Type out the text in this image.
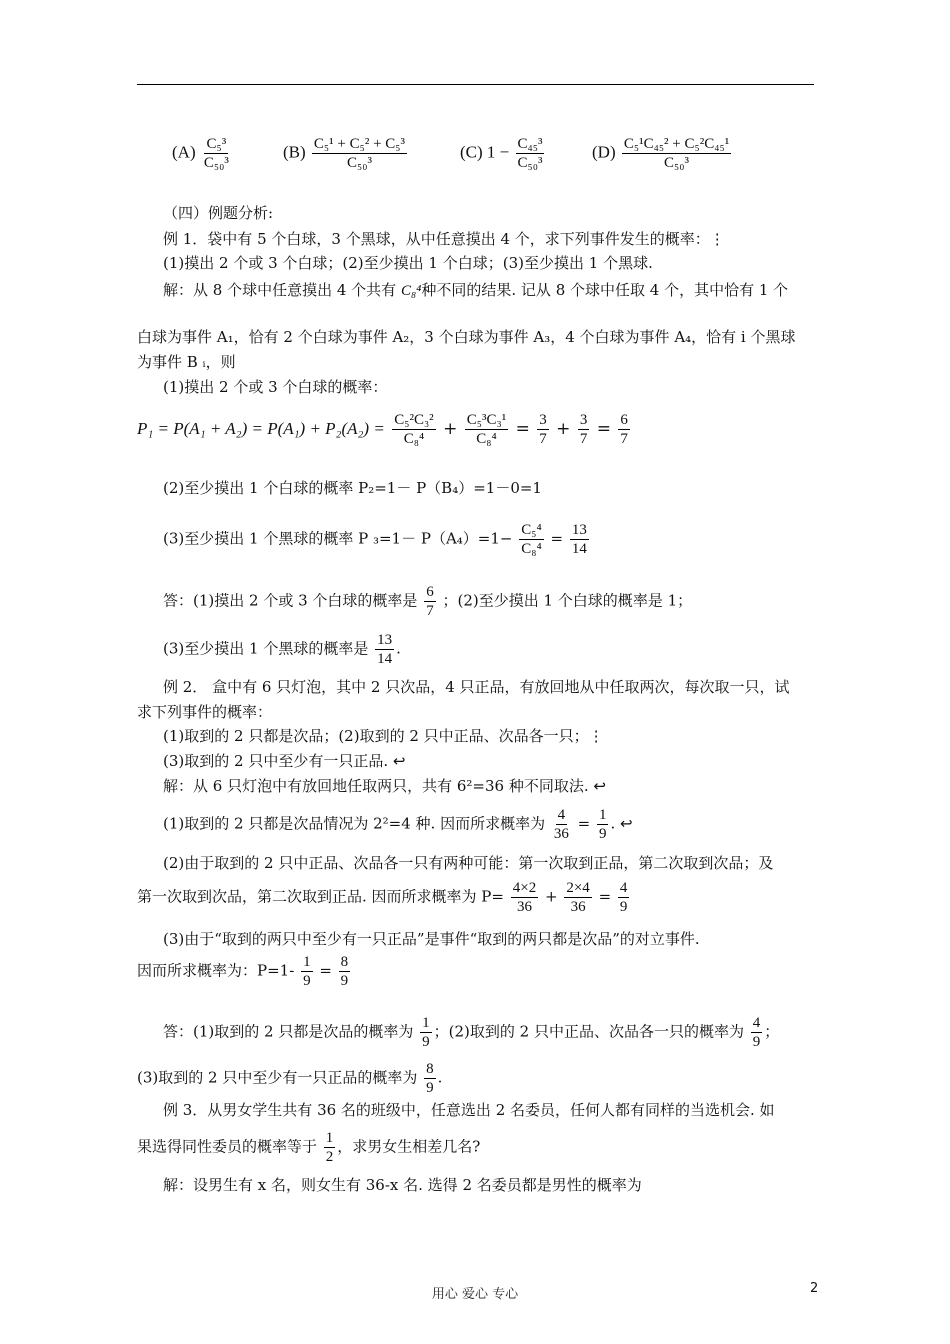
$(A) \frac{\text{C₅³}}{\text{C₅₀³}}$	$(B) \frac{\text{C₅¹ + C₅² + C₅³}}{\text{C₅₀³}}$	(C) $1 - \frac{\text{C₄₅³}}{\text{C₅₀³}}$	$(D) \frac{\text{C₅¹C₄₅² + C₅²C₄₅¹}}{\text{C₅₀³}}$
（四）例题分析:
例 1．袋中有 5 个白球，3 个黑球，从中任意摸出 4 个，求下列事件发生的概率：⋮
(1)摸出 2 个或 3 个白球；(2)至少摸出 1 个白球；(3)至少摸出 1 个黑球.
解：从 8 个球中任意摸出 4 个共有 C₈⁴种不同的结果. 记从 8 个球中任取 4 个，其中恰有 1 个
白球为事件 A₁，恰有 2 个白球为事件 A₂，3 个白球为事件 A₃，4 个白球为事件 A₄，恰有 i 个黑球
为事件 B ᵢ，则
(1)摸出 2 个或 3 个白球的概率：
$P_1 = P(A_1 + A_2) = P(A_1) + P_2(A_2) = \frac{\text{C₅²C₃²}}{\text{C₈⁴}} + \frac{\text{C₅³C₃¹}}{\text{C₈⁴}} = \frac{3}{7} + \frac{3}{7} = \frac{6}{7}$
(2)至少摸出 1 个白球的概率 P₂=1－ P（B₄）=1－0=1
(3)至少摸出 1 个黑球的概率 P $_3=1- P(A_4)=1- \frac{\text{C₅⁴}}{\text{C₈⁴}} = \frac{13}{14}$
答：(1)摸出 2 个或 3 个白球的概率是 $\frac{6}{7}$ ；(2)至少摸出 1 个白球的概率是 1；
(3)至少摸出 1 个黑球的概率是 $\frac{13}{14}$ .
例 2． 盒中有 6 只灯泡，其中 2 只次品，4 只正品，有放回地从中任取两次，每次取一只，试
求下列事件的概率：
(1)取到的 2 只都是次品；(2)取到的 2 只中正品、次品各一只；⋮
(3)取到的 2 只中至少有一只正品. ↩
解：从 6 只灯泡中有放回地任取两只，共有 6²=36 种不同取法. ↩
(1)取到的 2 只都是次品情况为 2²=4 种. 因而所求概率为 $\frac{4}{36} = \frac{1}{9}$ . ↩
(2)由于取到的 2 只中正品、次品各一只有两种可能：第一次取到正品，第二次取到次品；及
第一次取到次品，第二次取到正品. 因而所求概率为 $P= \frac{4\times 2}{36} + \frac{2\times 4}{36} = \frac{4}{9}$
(3)由于“取到的两只中至少有一只正品”是事件“取到的两只都是次品”的对立事件.
因而所求概率为：$P=1- \frac{1}{9} = \frac{8}{9}$
答：(1)取到的 2 只都是次品的概率为 $\frac{1}{9}$ ；(2)取到的 2 只中正品、次品各一只的概率为 $\frac{4}{9}$ ；
(3)取到的 2 只中至少有一只正品的概率为 $\frac{8}{9}$ .
例 3．从男女学生共有 36 名的班级中，任意选出 2 名委员，任何人都有同样的当选机会. 如
果选得同性委员的概率等于 $\frac{1}{2}$ ，求男女生相差几名?
解：设男生有 x 名，则女生有 36-x 名. 选得 2 名委员都是男性的概率为
用心 爱心 专心	2
